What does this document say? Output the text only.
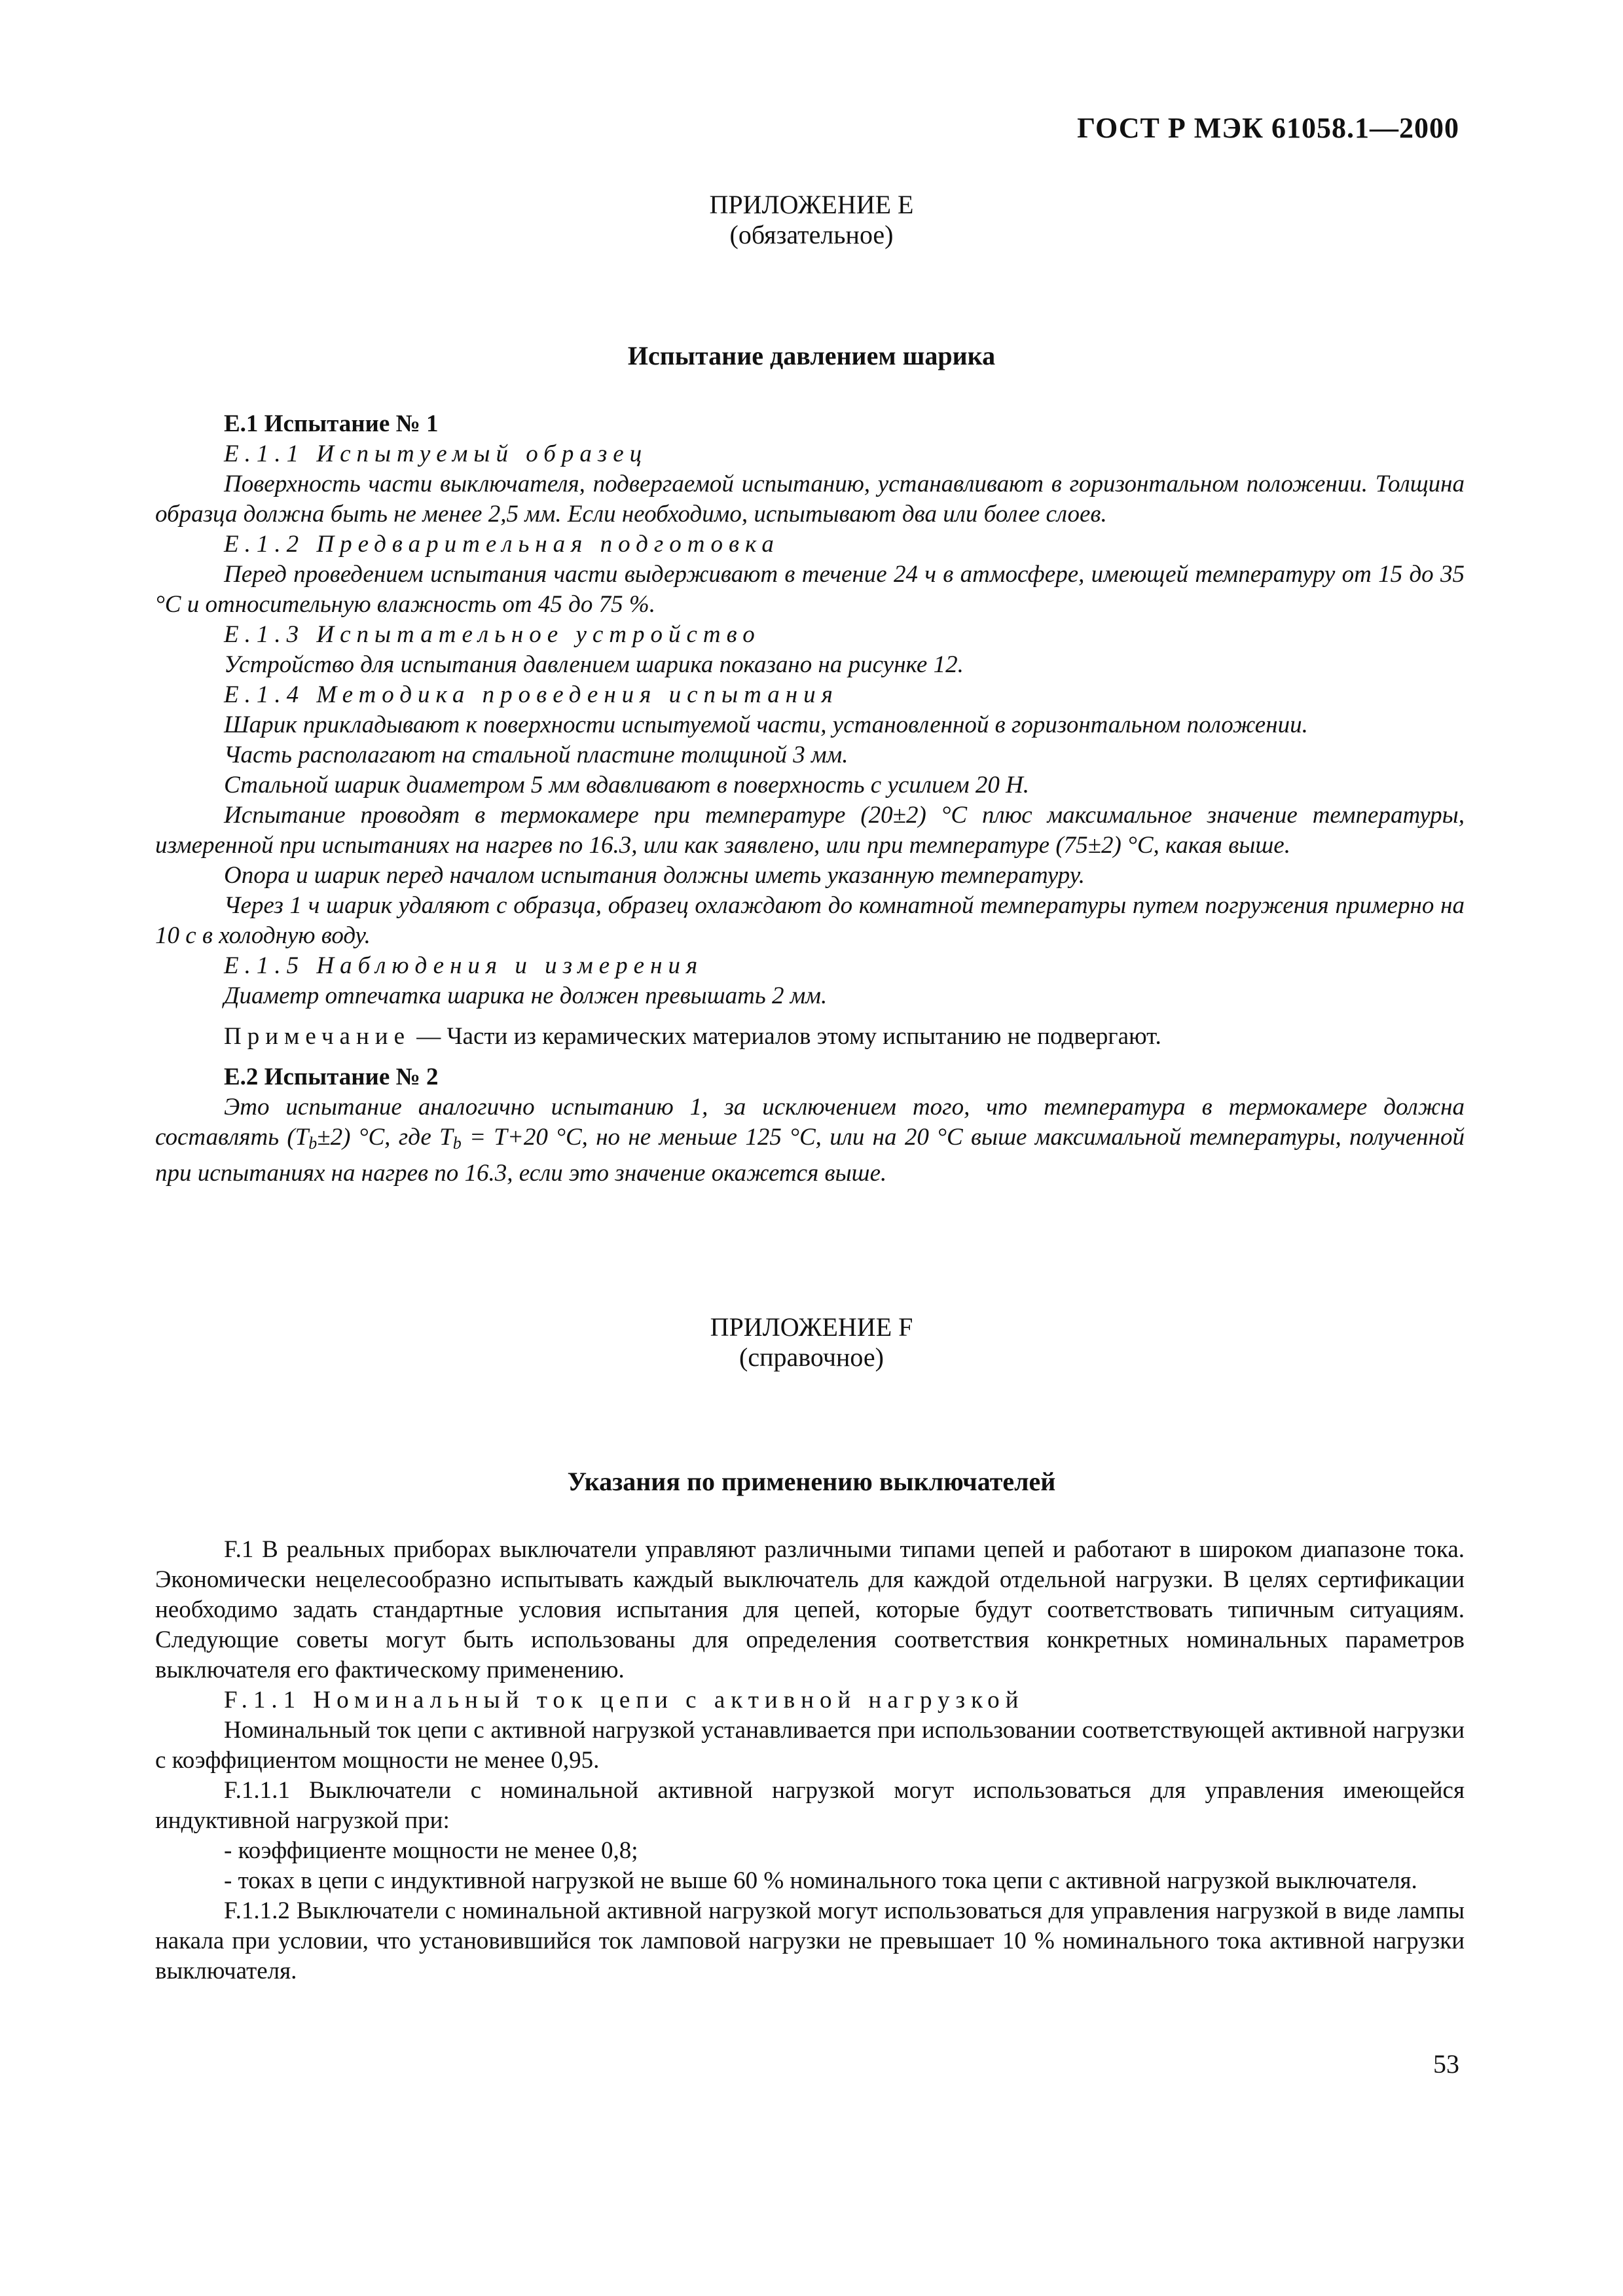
ГОСТ Р МЭК 61058.1—2000
ПРИЛОЖЕНИЕ Е
(обязательное)
Испытание давлением шарика

Е.1 Испытание № 1

Е.1.1 Испытуемый образец

Поверхность части выключателя, подвергаемой испытанию, устанавливают в горизонтальном положении. Толщина образца должна быть не менее 2,5 мм. Если необходимо, испытывают два или более слоев.

Е.1.2 Предварительная подготовка

Перед проведением испытания части выдерживают в течение 24 ч в атмосфере, имеющей температуру от 15 до 35 °С и относительную влажность от 45 до 75 %.

Е.1.3 Испытательное устройство

Устройство для испытания давлением шарика показано на рисунке 12.

Е.1.4 Методика проведения испытания

Шарик прикладывают к поверхности испытуемой части, установленной в горизонтальном положении.

Часть располагают на стальной пластине толщиной 3 мм.

Стальной шарик диаметром 5 мм вдавливают в поверхность с усилием 20 Н.

Испытание проводят в термокамере при температуре (20±2) °С плюс максимальное значение температуры, измеренной при испытаниях на нагрев по 16.3, или как заявлено, или при температуре (75±2) °С, какая выше.

Опора и шарик перед началом испытания должны иметь указанную температуру.

Через 1 ч шарик удаляют с образца, образец охлаждают до комнатной температуры путем погружения примерно на 10 с в холодную воду.

Е.1.5 Наблюдения и измерения

Диаметр отпечатка шарика не должен превышать 2 мм.

Примечание — Части из керамических материалов этому испытанию не подвергают.

Е.2 Испытание № 2

Это испытание аналогично испытанию 1, за исключением того, что температура в термокамере должна составлять $(T_b\pm 2)$ °С, где $T_b = T+20$ °С, но не меньше 125 °С, или на 20 °С выше максимальной температуры, полученной при испытаниях на нагрев по 16.3, если это значение окажется выше.

ПРИЛОЖЕНИЕ F
(справочное)
Указания по применению выключателей

F.1 В реальных приборах выключатели управляют различными типами цепей и работают в широком диапазоне тока. Экономически нецелесообразно испытывать каждый выключатель для каждой отдельной нагрузки. В целях сертификации необходимо задать стандартные условия испытания для цепей, которые будут соответствовать типичным ситуациям. Следующие советы могут быть использованы для определения соответствия конкретных номинальных параметров выключателя его фактическому применению.

F.1.1 Номинальный ток цепи с активной нагрузкой

Номинальный ток цепи с активной нагрузкой устанавливается при использовании соответствующей активной нагрузки с коэффициентом мощности не менее 0,95.

F.1.1.1 Выключатели с номинальной активной нагрузкой могут использоваться для управления имеющейся индуктивной нагрузкой при:

- коэффициенте мощности не менее 0,8;

- токах в цепи с индуктивной нагрузкой не выше 60 % номинального тока цепи с активной нагрузкой выключателя.

F.1.1.2 Выключатели с номинальной активной нагрузкой могут использоваться для управления нагрузкой в виде лампы накала при условии, что установившийся ток ламповой нагрузки не превышает 10 % номинального тока активной нагрузки выключателя.

53
